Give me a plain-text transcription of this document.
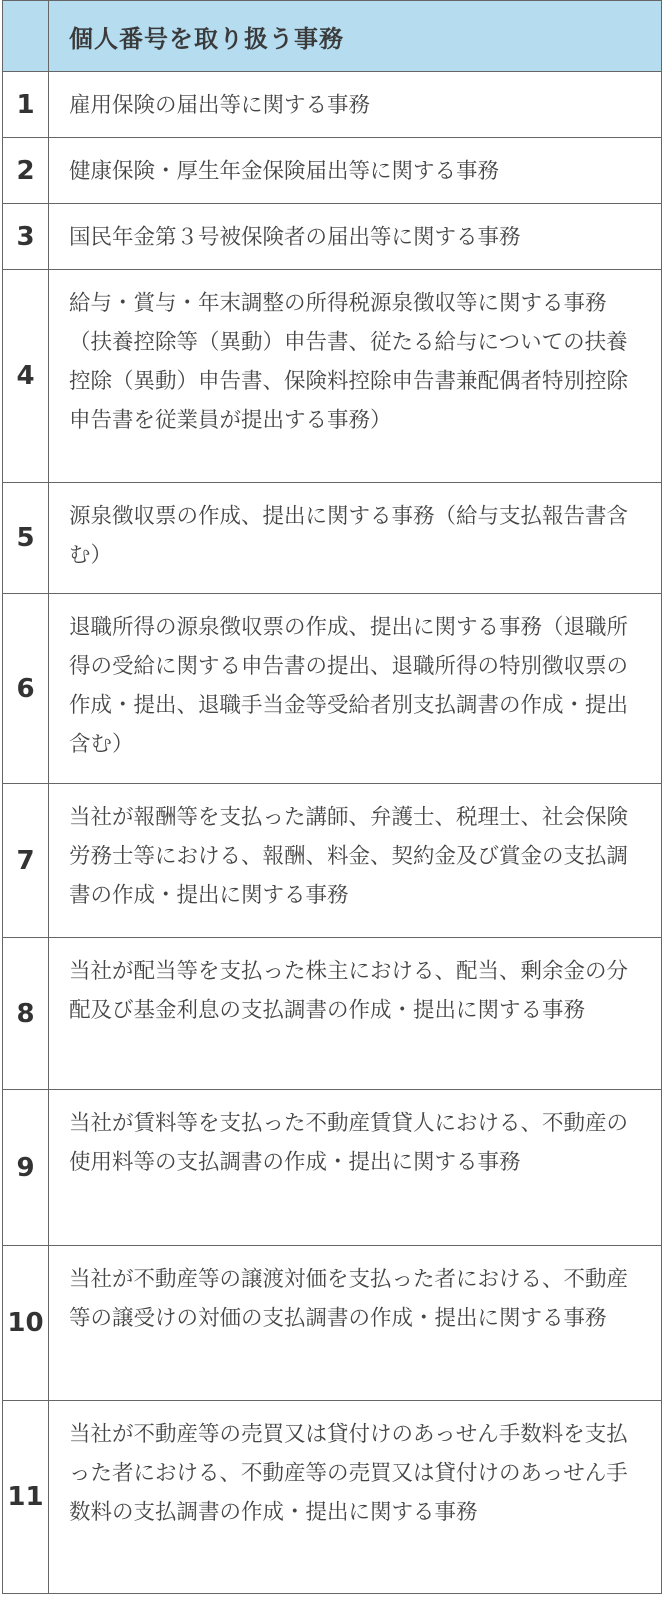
	個人番号を取り扱う事務

1	雇用保険の届出等に関する事務
2	健康保険・厚生年金保険届出等に関する事務
3	国民年金第３号被保険者の届出等に関する事務
4	給与・賞与・年末調整の所得税源泉徴収等に関する事務（扶養控除等（異動）申告書、従たる給与についての扶養控除（異動）申告書、保険料控除申告書兼配偶者特別控除申告書を従業員が提出する事務）
5	源泉徴収票の作成、提出に関する事務（給与支払報告書含む）
6	退職所得の源泉徴収票の作成、提出に関する事務（退職所得の受給に関する申告書の提出、退職所得の特別徴収票の作成・提出、退職手当金等受給者別支払調書の作成・提出含む）
7	当社が報酬等を支払った講師、弁護士、税理士、社会保険労務士等における、報酬、料金、契約金及び賞金の支払調書の作成・提出に関する事務
8	当社が配当等を支払った株主における、配当、剰余金の分配及び基金利息の支払調書の作成・提出に関する事務
9	当社が賃料等を支払った不動産賃貸人における、不動産の使用料等の支払調書の作成・提出に関する事務
10	当社が不動産等の譲渡対価を支払った者における、不動産等の譲受けの対価の支払調書の作成・提出に関する事務
11	当社が不動産等の売買又は貸付けのあっせん手数料を支払った者における、不動産等の売買又は貸付けのあっせん手数料の支払調書の作成・提出に関する事務
